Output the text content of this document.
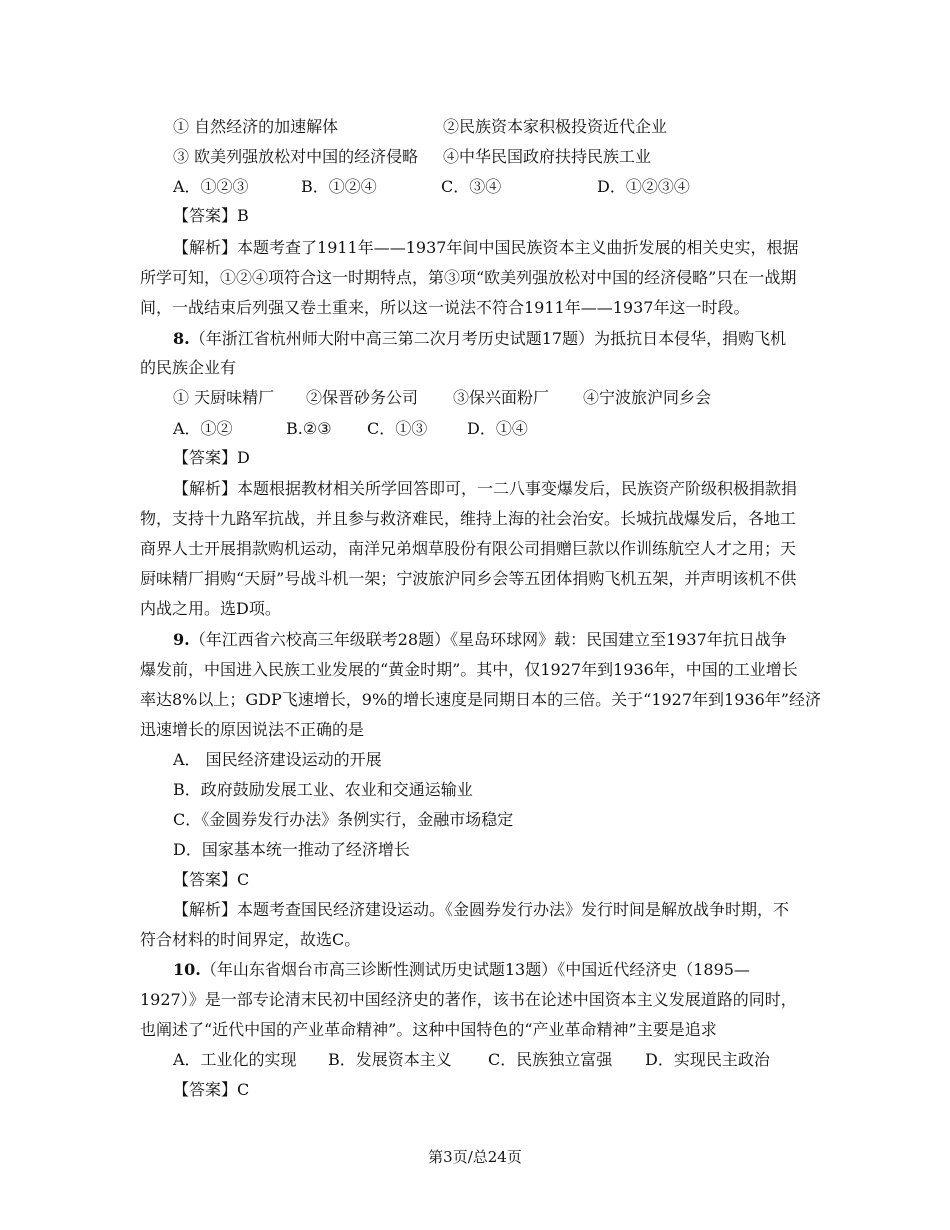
① 自然经济的加速解体	②民族资本家积极投资近代企业
③ 欧美列强放松对中国的经济侵略 ④中华民国政府扶持民族工业
A．①②③	B．①②④	C．③④	D．①②③④
【答案】B
【解析】本题考查了1911年——1937年间中国民族资本主义曲折发展的相关史实，根据
所学可知，①②④项符合这一时期特点，第③项“欧美列强放松对中国的经济侵略”只在一战期
间，一战结束后列强又卷土重来，所以这一说法不符合1911年——1937年这一时段。
8.（年浙江省杭州师大附中高三第二次月考历史试题17题）为抵抗日本侵华，捐购飞机
的民族企业有
① 天厨味精厂 ②保晋砂务公司 ③保兴面粉厂 ④宁波旅沪同乡会
A．①②	B.②③ C．①③ D．①④
【答案】D
【解析】本题根据教材相关所学回答即可，一二八事变爆发后，民族资产阶级积极捐款捐
物，支持十九路军抗战，并且参与救济难民，维持上海的社会治安。长城抗战爆发后，各地工
商界人士开展捐款购机运动，南洋兄弟烟草股份有限公司捐赠巨款以作训练航空人才之用；天
厨味精厂捐购“天厨”号战斗机一架；宁波旅沪同乡会等五团体捐购飞机五架，并声明该机不供
内战之用。选D项。
9.（年江西省六校高三年级联考28题）《星岛环球网》载：民国建立至1937年抗日战争
爆发前，中国进入民族工业发展的“黄金时期”。其中，仅1927年到1936年，中国的工业增长
率达8%以上；GDP飞速增长，9%的增长速度是同期日本的三倍。关于“1927年到1936年”经济
迅速增长的原因说法不正确的是
A． 国民经济建设运动的开展
B．政府鼓励发展工业、农业和交通运输业
C．《金圆券发行办法》条例实行，金融市场稳定
D．国家基本统一推动了经济增长
【答案】C
【解析】本题考查国民经济建设运动。《金圆券发行办法》发行时间是解放战争时期，不
符合材料的时间界定，故选C。
10.（年山东省烟台市高三诊断性测试历史试题13题）《中国近代经济史（1895—
1927）》是一部专论清末民初中国经济史的著作，该书在论述中国资本主义发展道路的同时，
也阐述了“近代中国的产业革命精神”。这种中国特色的“产业革命精神”主要是追求
A．工业化的实现 B．发展资本主义 C．民族独立富强 D．实现民主政治
【答案】C
第3页/总24页
